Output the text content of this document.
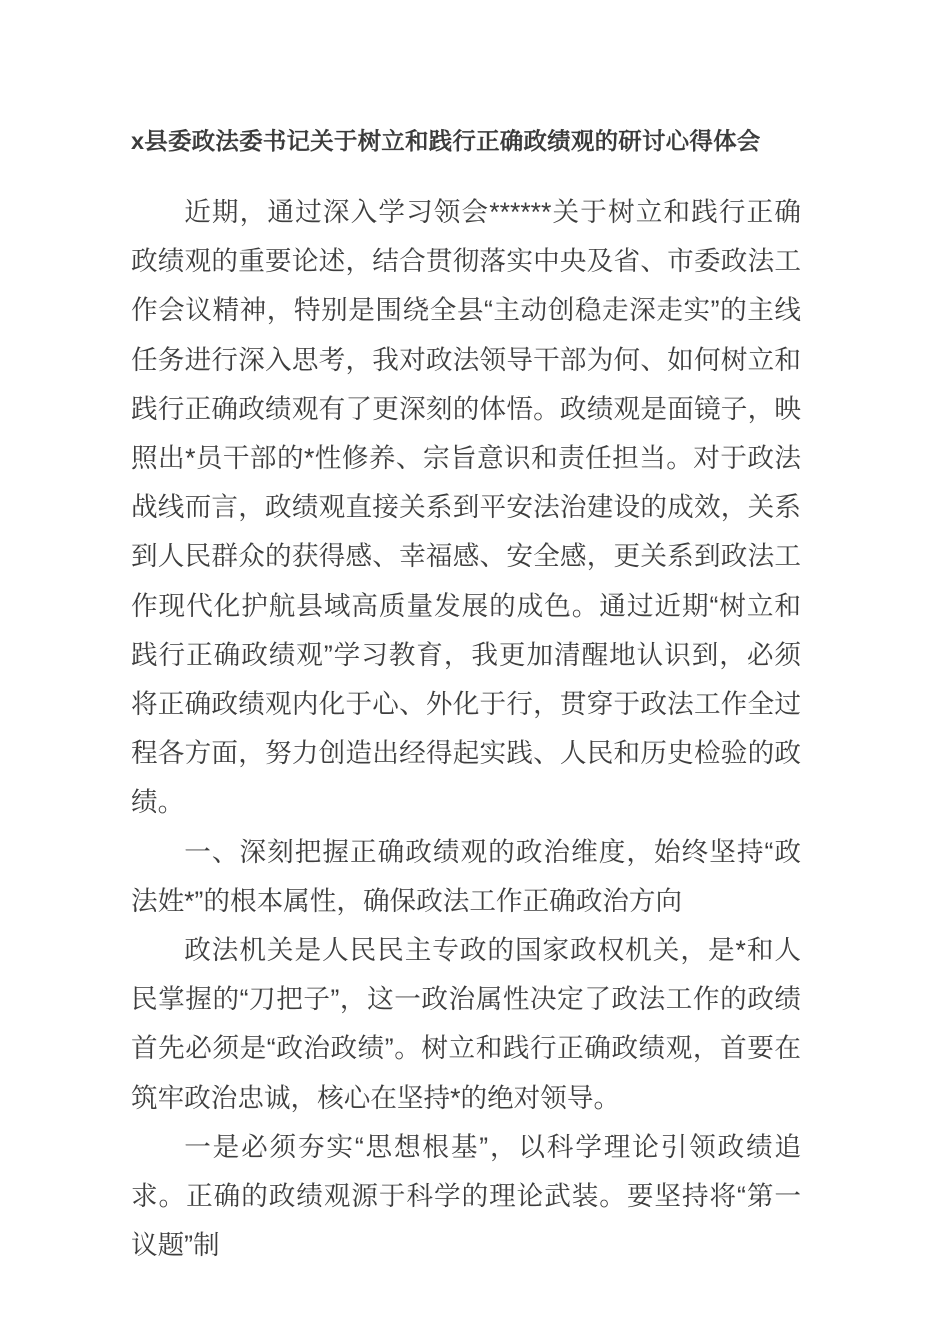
x县委政法委书记关于树立和践行正确政绩观的研讨心得体会

近期，通过深入学习领会******关于树立和践行正确政绩观的重要论述，结合贯彻落实中央及省、市委政法工作会议精神，特别是围绕全县“主动创稳走深走实”的主线任务进行深入思考，我对政法领导干部为何、如何树立和践行正确政绩观有了更深刻的体悟。政绩观是面镜子，映照出*员干部的*性修养、宗旨意识和责任担当。对于政法战线而言，政绩观直接关系到平安法治建设的成效，关系到人民群众的获得感、幸福感、安全感，更关系到政法工作现代化护航县域高质量发展的成色。通过近期“树立和践行正确政绩观”学习教育，我更加清醒地认识到，必须将正确政绩观内化于心、外化于行，贯穿于政法工作全过程各方面，努力创造出经得起实践、人民和历史检验的政绩。

一、深刻把握正确政绩观的政治维度，始终坚持“政法姓*”的根本属性，确保政法工作正确政治方向

政法机关是人民民主专政的国家政权机关，是*和人民掌握的“刀把子”，这一政治属性决定了政法工作的政绩首先必须是“政治政绩”。树立和践行正确政绩观，首要在筑牢政治忠诚，核心在坚持*的绝对领导。

一是必须夯实“思想根基”，以科学理论引领政绩追求。正确的政绩观源于科学的理论武装。要坚持将“第一议题”制
